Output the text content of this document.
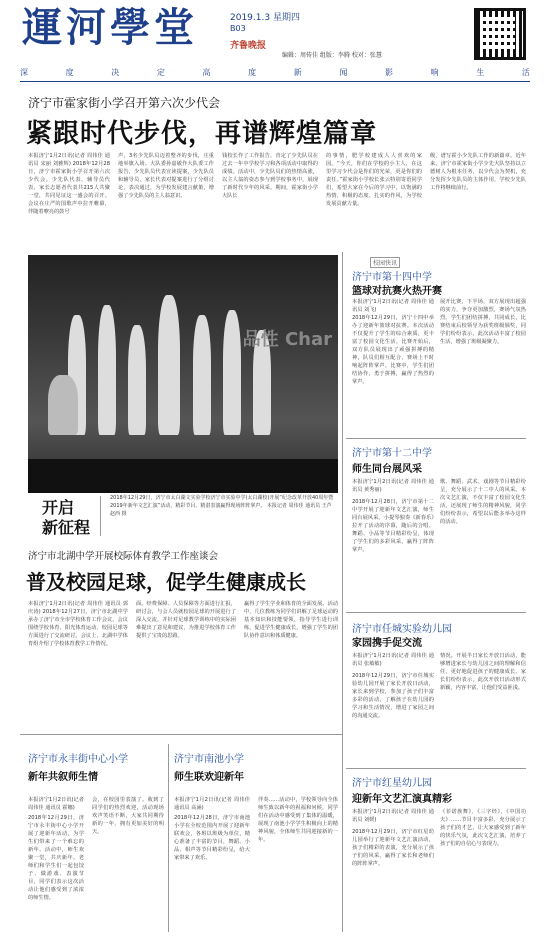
運河學堂	2019.1.3 星期四
B03
齐鲁晚报
编辑：周传佳 组版：李腾 校对：张慧
深	度	决	定	高	度	新	闻	影	响	生	活
济宁市霍家街小学召开第六次少代会
紧跟时代步伐，再谱辉煌篇章
本报济宁1月2日讯(记者 周伟佳 通讯员 宋丽 刘雅辉) 2018年12月28日，济宁市霍家街小学召开第六次少代会。少先队代表、辅导员代表、家长志愿者代表共215人共聚一堂，共同见证这一盛会的召开。会议在庄严的国歌声中拉开帷幕，伴随着嘹亮的鼓号
声，3名少先队员迈着整齐的步伐，庄重地举旗入场。大队委孙嘉敏作大队委工作报告，少先队员代表宣读提案，少先队员和辅导员、家长代表对提案进行了分组讨论，表决通过，为学校发展建言献策，增强了少先队员的主人翁意识。
钱校长作了工作报告，肯定了少先队员在过去一年中学校学习和各项活动中取得的成绩。活动中，少先队员们的热情高涨，以主人翁的姿态参与到学校事务中，展现了新时代少年的风采。期间，霍家街小学大队长
的事情，肥学校建成人人喜欢的家园。“今天，你们在学校的小主人，在这里学习少代会是你们的光荣，更是你们的责任。”霍家街小学校长张云特别寄语同学们，希望大家在今后的学习中，以饱满的热情、积极的态度、扎实的作风，为学校发展贡献力量。
级，谱写霍小少先队工作的新篇章。近年来，济宁市霍家街小学少先大队坚持以立德树人为根本任务，以少代会为契机，充分发挥少先队员的主体作用，学校少先队工作将继续前行。
品性 Char
2018年12月29日，济宁市太白湖文实验学校济宁市实验中学(太白湖校)开展“纪念改革开放40周年暨2019年新年文艺汇演”活动，精彩节目、精湛表演赢得现场阵阵掌声。 本报记者 周伟佳 通讯员 王芦 赵西 摄
开启
新征程
济宁市北湖中学开展校际体育教学工作座谈会
普及校园足球，促学生健康成长
本报济宁1月2日讯(记者 周伟佳 通讯员 郭庆涛) 2018年12月27日，济宁市北湖中学承办了济宁市全市学校体育工作会议，会议围绕学校体育、阳光体育运动、校园足球等方面进行了交流研讨。会议上，北湖中学体育组介绍了学校体育教学工作情况。
面，经费保障、人员保障等方面进行汇报，研讨会，与会人员就校园足球的开展进行了深入交流，并针对足球教学训练中的实际困难提出了意见和建议，为推进学校体育工作提供了宝贵的思路。
赢得了学生学业和体育的全面发展。活动中，几位教练为同学们讲解了足球运动的基本知识和技能要领，指导学生进行训练，促进学生健康成长，增强了学生的团队协作意识和体质健康。
校园快讯
济宁市第十四中学
篮球对抗赛火热开赛
本报济宁1月2日讯(记者 周伟佳 通讯员 刘飞)
2018年12月29日，济宁十四中举办了迎新年篮球对抗赛。本次活动不仅提升了学生的综合素质，更丰富了校园文化生活。比赛开始后，双方队员展现出了顽强拼搏的精神，队员们相互配合，赛场上不时响起阵阵掌声。比赛中，学生们团结协作，勇于拼搏，赢得了热烈的掌声。
展开比赛，下半场，双方展现出超强的实力，争夺更加激烈，赛场气氛热烈。学生们团结拼搏，共同成长，比赛结束后校领导为获奖班级颁奖，同学们纷纷表示，此次活动丰富了校园生活，增强了班级凝聚力。
济宁市第十二中学
师生同台展风采
本报济宁1月2日讯(记者 周伟佳 通讯员 黄秀丽)
2018年12月28日，济宁市第十二中学开展了迎新年文艺汇演，师生同台展风采。小提琴独奏《新春乐》拉开了活动的序幕，随后的合唱、舞蹈、小品等节目精彩纷呈，体现了学生们的多彩风采，赢得了阵阵掌声。
歌、舞蹈、武术、戏剧等节目精彩纷呈，充分展示了十二中人的风采。本次文艺汇演，不仅丰富了校园文化生活，还展现了师生的精神风貌，同学们纷纷表示，希望以后能多举办这样的活动。
济宁市任城实验幼儿园
家园携手促交流
本报济宁1月2日讯(记者 周伟佳 通讯员 张敏敏)
2018年12月29日，济宁市任城实验幼儿园开展了家长开放日活动，家长来到学校，参加了孩子们丰富多彩的活动，了解孩子在幼儿园的学习和生活情况，增进了家园之间的沟通交流。
情况。开展半日家长开放日活动，能够增进家长与幼儿园之间的理解和信任，更好地促进孩子的健康成长，家长们纷纷表示，此次开放日活动形式新颖，内容丰富，让他们受益匪浅。
济宁市红星幼儿园
迎新年文艺汇演真精彩
本报济宁1月2日讯(记者 周伟佳 通讯员 刘媛)
2018年12月29日，济宁市红星幼儿园举行了迎新年文艺汇演活动，孩子们精彩的表演，充分展示了孩子们的风采，赢得了家长和老师们的阵阵掌声。
《菲诺族舞》、《三字经》、《中国功夫》……节目丰富多彩，充分展示了孩子们的才艺，让大家感受到了新年的快乐气氛，此次文艺汇演，培养了孩子们的自信心与表现力。
济宁市永丰街中心小学
新年共叙师生情
本报济宁1月2日讯(记者 周伟佳 通讯员 霍娜)
2018年12月29日，济宁市永丰街中心小学开展了迎新年活动，为学生们带来了一个难忘的新年。活动中，师生欢聚一堂，共庆新年。老师们和学生们一起包饺子、做游戏、表演节目，同学们表示这次活动让他们感受到了浓浓的师生情。
会，在校园里表演了。收到了同学们的热烈欢迎，活动现场欢声笑语不断，大家共同期待新的一年，拥有更加美好的明天。
济宁市南池小学
师生联欢迎新年
本报济宁1月2日讯(记者 周伟佳 通讯员 高涵)
2018年12月28日，济宁市南池小学在全校范围内开展了迎新年联欢会，各班以班级为单位，精心准备了丰富的节目，舞蹈、小品、相声等节目精彩纷呈，给大家带来了欢乐。
伴奏……活动中，学校领导向全体师生致以新年的祝福和问候，同学们在活动中感受到了集体的温暖，展现了南池小学学生积极向上的精神风貌，全体师生共同迎接新的一年。
